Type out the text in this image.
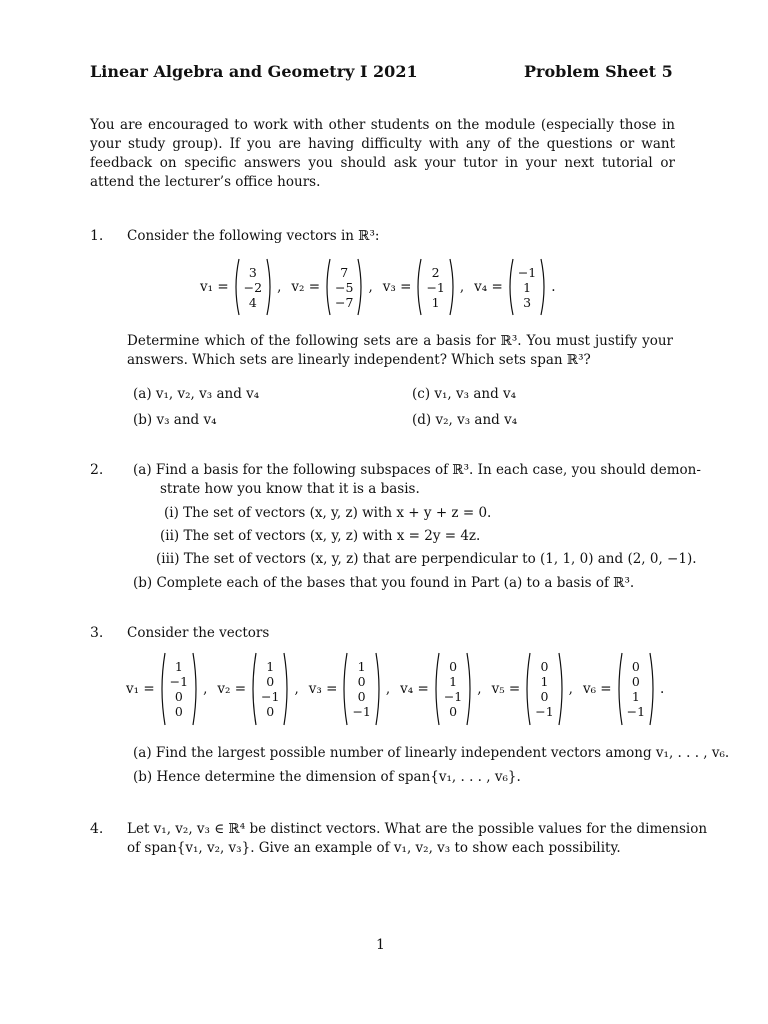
Linear Algebra and Geometry I 2021	Problem Sheet 5
You are encouraged to work with other students on the module (especially those in your study group). If you are having difficulty with any of the questions or want feedback on specific answers you should ask your tutor in your next tutorial or attend the lecturer’s office hours.
1. Consider the following vectors in ℝ³:
v₁ =
3
−2
4
, v₂ =
7
−5
−7
, v₃ =
2
−1
1
, v₄ =
−1
1
3
.
Determine which of the following sets are a basis for ℝ³. You must justify your answers. Which sets are linearly independent? Which sets span ℝ³?
(a) v₁, v₂, v₃ and v₄
(b) v₃ and v₄
(c) v₁, v₃ and v₄
(d) v₂, v₃ and v₄
2. (a) Find a basis for the following subspaces of ℝ³. In each case, you should demon-
strate how you know that it is a basis.
(i) The set of vectors (x, y, z) with x + y + z = 0.
(ii) The set of vectors (x, y, z) with x = 2y = 4z.
(iii) The set of vectors (x, y, z) that are perpendicular to (1, 1, 0) and (2, 0, −1).
(b) Complete each of the bases that you found in Part (a) to a basis of ℝ³.
3. Consider the vectors
v₁ =
1
−1
0
0
, v₂ =
1
0
−1
0
, v₃ =
1
0
0
−1
, v₄ =
0
1
−1
0
, v₅ =
0
1
0
−1
, v₆ =
0
0
1
−1
.
(a) Find the largest possible number of linearly independent vectors among v₁, . . . , v₆.
(b) Hence determine the dimension of span{v₁, . . . , v₆}.
4. Let v₁, v₂, v₃ ∈ ℝ⁴ be distinct vectors. What are the possible values for the dimension
of span{v₁, v₂, v₃}. Give an example of v₁, v₂, v₃ to show each possibility.
1
